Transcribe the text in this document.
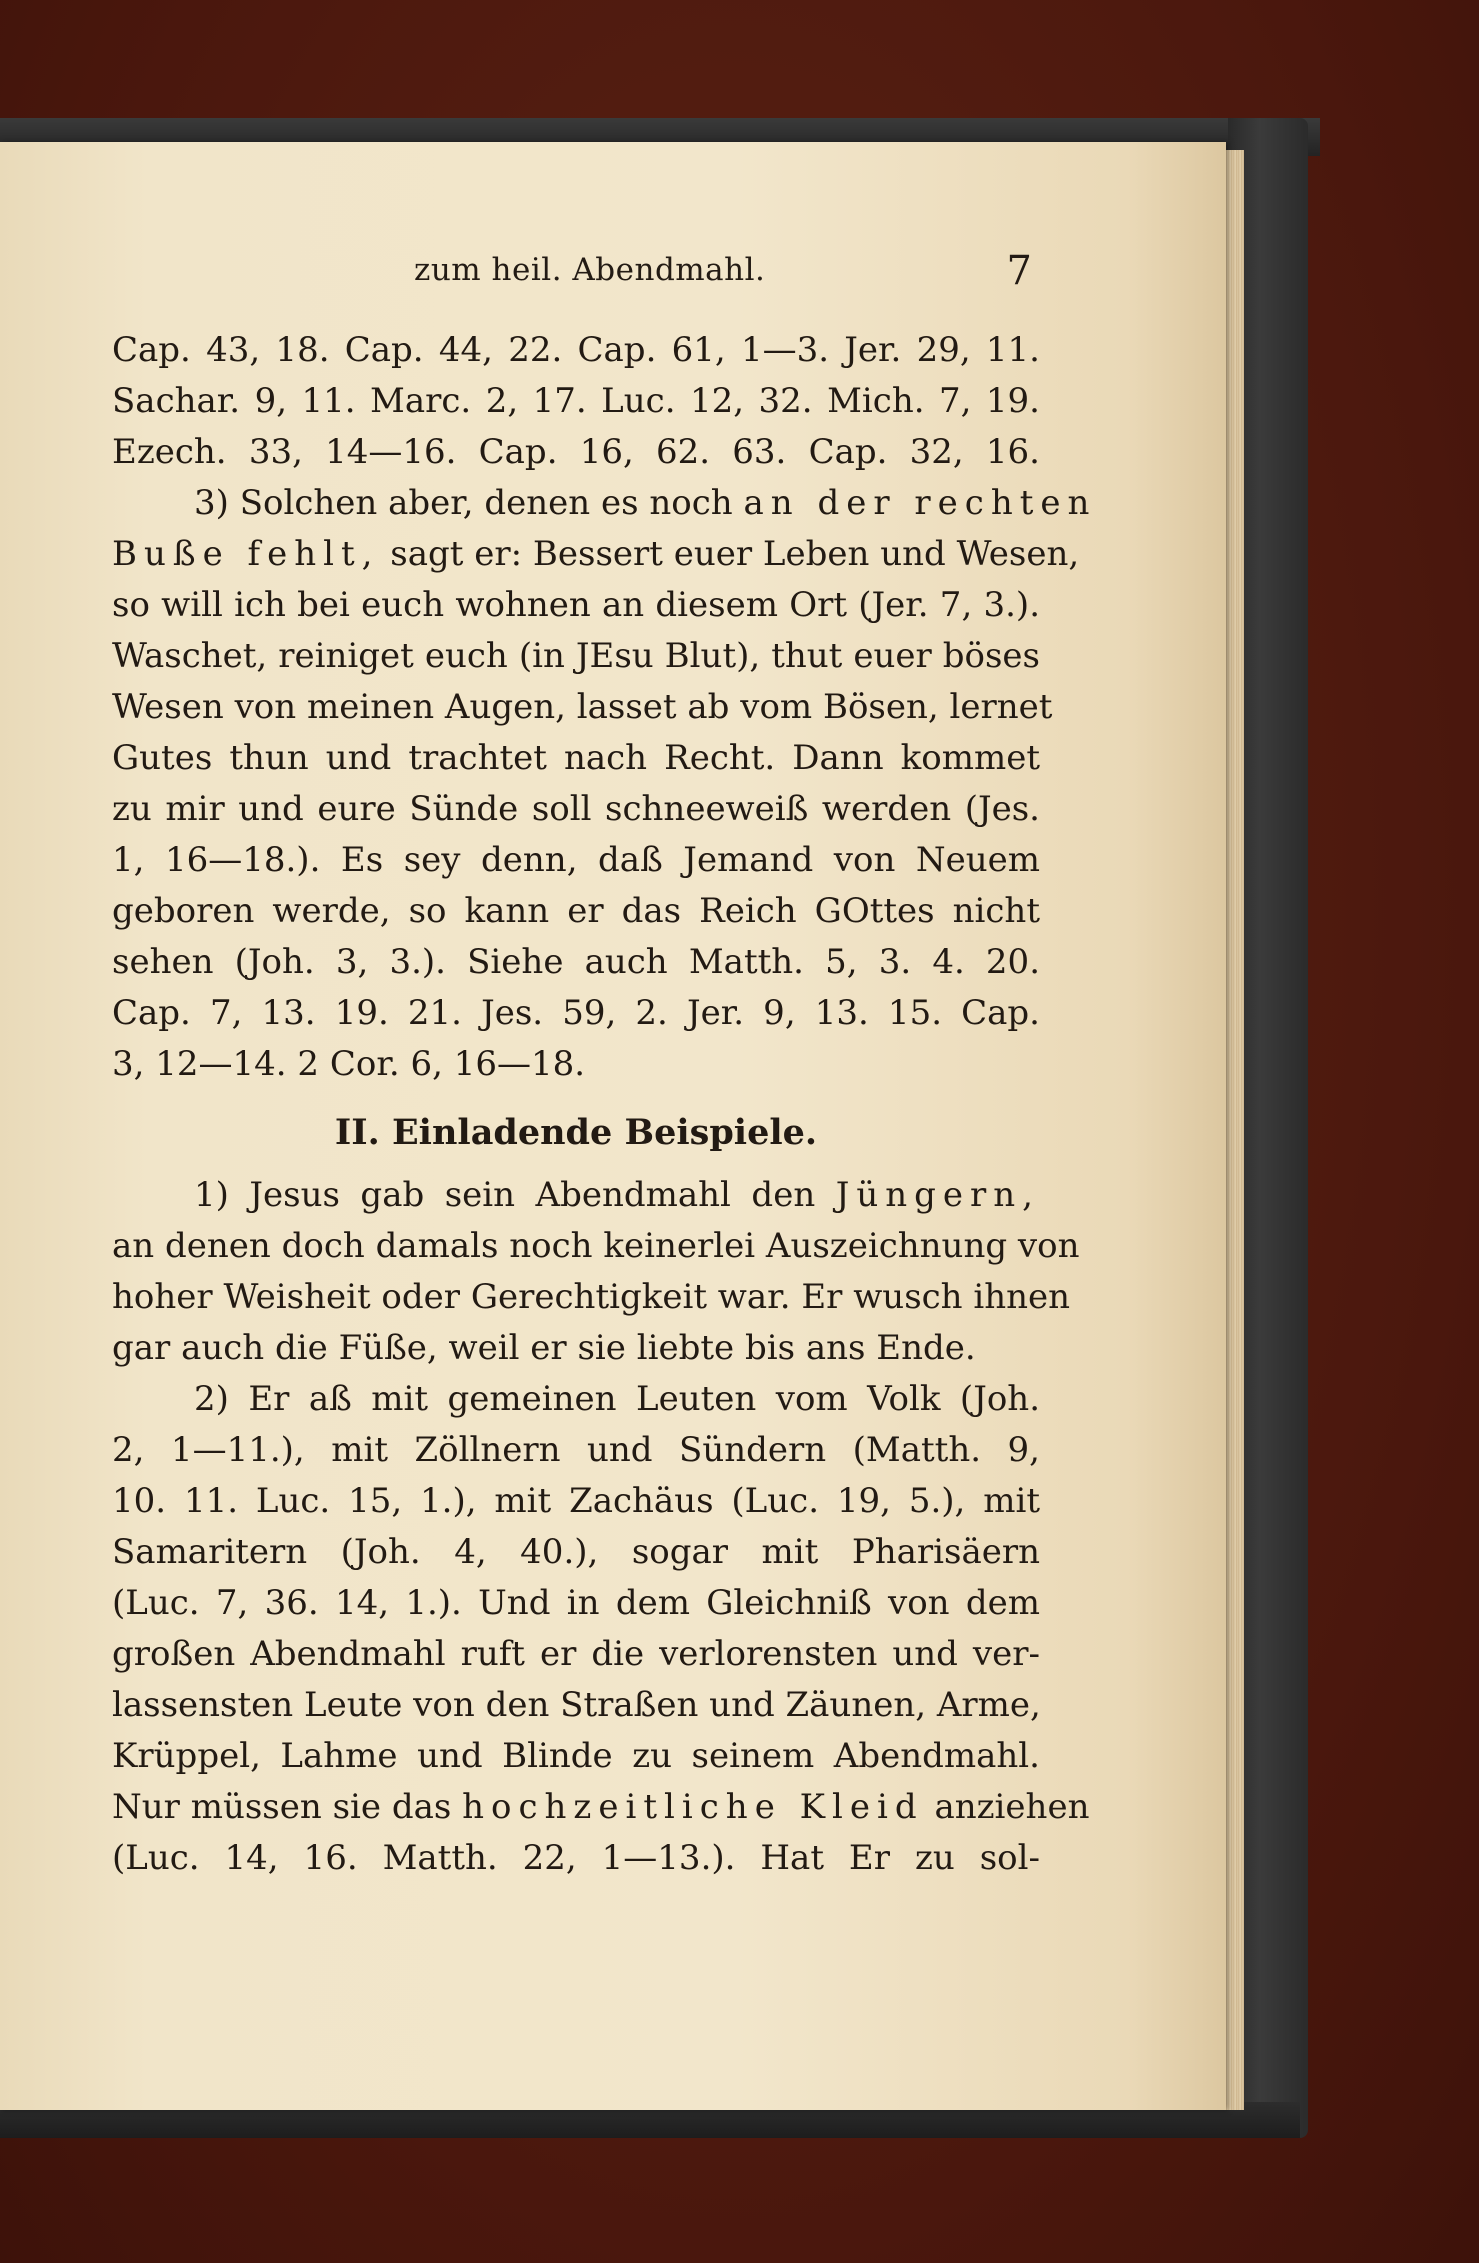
zum heil. Abendmahl.	7
Cap. 43, 18. Cap. 44, 22. Cap. 61, 1—3. Jer. 29, 11.
Sachar. 9, 11. Marc. 2, 17. Luc. 12, 32. Mich. 7, 19.
Ezech. 33, 14—16. Cap. 16, 62. 63. Cap. 32, 16.
3) Solchen aber, denen es noch an der rechten
Buße fehlt, sagt er: Bessert euer Leben und Wesen,
so will ich bei euch wohnen an diesem Ort (Jer. 7, 3.).
Waschet, reiniget euch (in JEsu Blut), thut euer böses
Wesen von meinen Augen, lasset ab vom Bösen, lernet
Gutes thun und trachtet nach Recht. Dann kommet
zu mir und eure Sünde soll schneeweiß werden (Jes.
1, 16—18.). Es sey denn, daß Jemand von Neuem
geboren werde, so kann er das Reich GOttes nicht
sehen (Joh. 3, 3.). Siehe auch Matth. 5, 3. 4. 20.
Cap. 7, 13. 19. 21. Jes. 59, 2. Jer. 9, 13. 15. Cap.
3, 12—14. 2 Cor. 6, 16—18.
II. Einladende Beispiele.
1) Jesus gab sein Abendmahl den Jüngern,
an denen doch damals noch keinerlei Auszeichnung von
hoher Weisheit oder Gerechtigkeit war. Er wusch ihnen
gar auch die Füße, weil er sie liebte bis ans Ende.
2) Er aß mit gemeinen Leuten vom Volk (Joh.
2, 1—11.), mit Zöllnern und Sündern (Matth. 9,
10. 11. Luc. 15, 1.), mit Zachäus (Luc. 19, 5.), mit
Samaritern (Joh. 4, 40.), sogar mit Pharisäern
(Luc. 7, 36. 14, 1.). Und in dem Gleichniß von dem
großen Abendmahl ruft er die verlorensten und ver-
lassensten Leute von den Straßen und Zäunen, Arme,
Krüppel, Lahme und Blinde zu seinem Abendmahl.
Nur müssen sie das hochzeitliche Kleid anziehen
(Luc. 14, 16. Matth. 22, 1—13.). Hat Er zu sol-
